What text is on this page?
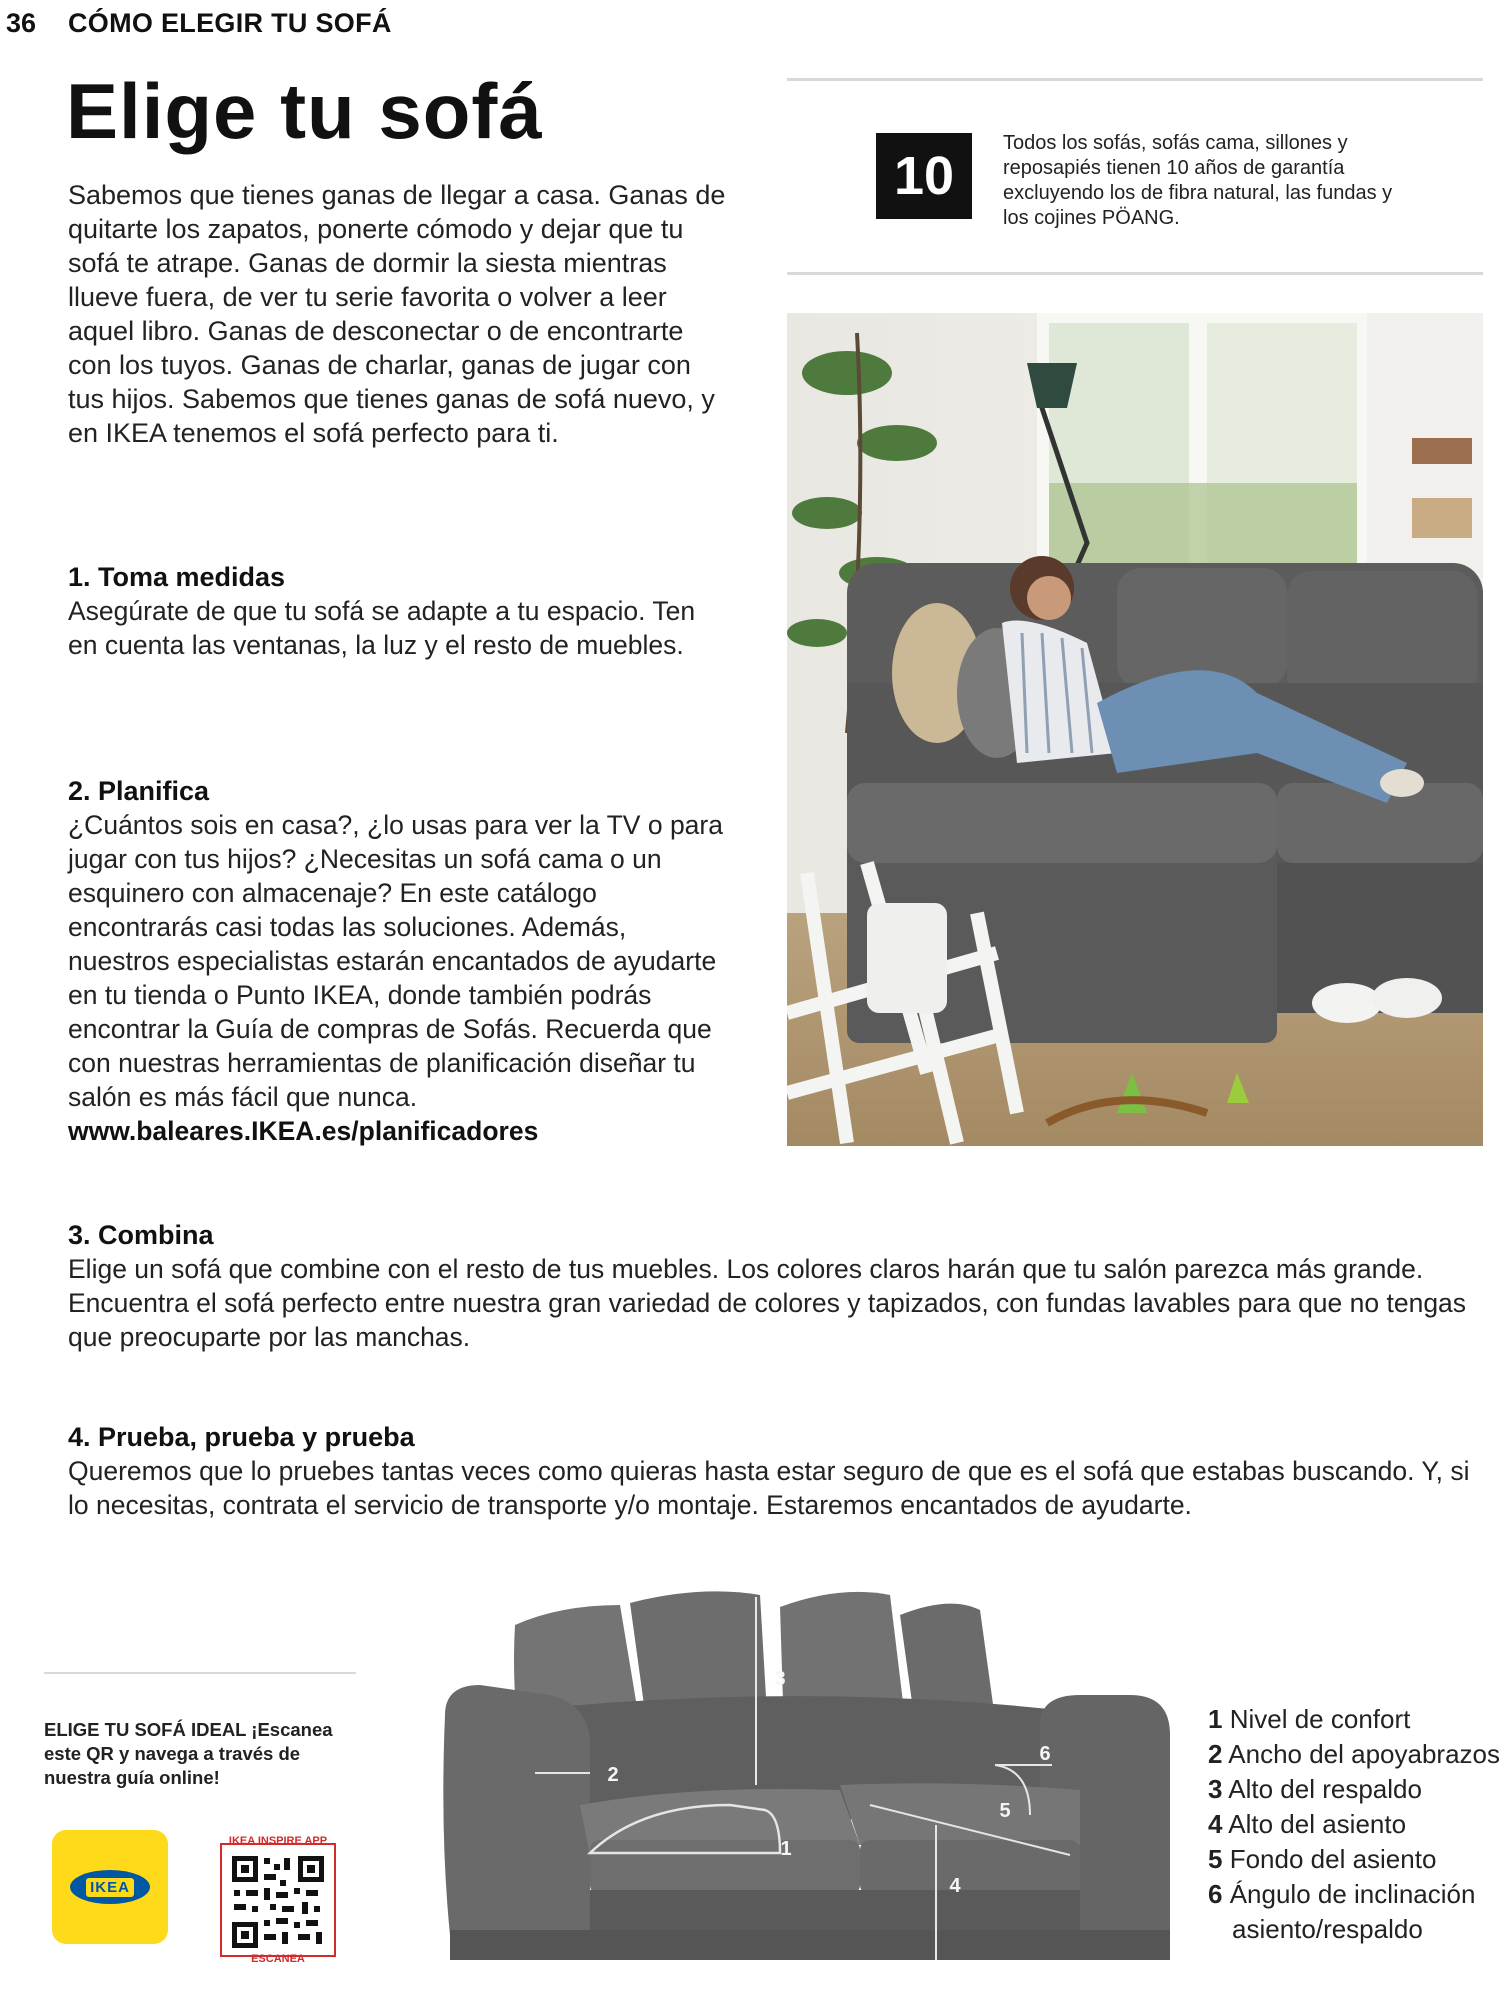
36 CÓMO ELEGIR TU SOFÁ
Elige tu sofá

Sabemos que tienes ganas de llegar a casa. Ganas de quitarte los zapatos, ponerte cómodo y dejar que tu sofá te atrape. Ganas de dormir la siesta mientras llueve fuera, de ver tu serie favorita o volver a leer aquel libro. Ganas de desconectar o de encontrarte con los tuyos. Ganas de charlar, ganas de jugar con tus hijos. Sabemos que tienes ganas de sofá nuevo, y en IKEA tenemos el sofá perfecto para ti.

10
Todos los sofás, sofás cama, sillones y reposapiés tienen 10 años de garantía excluyendo los de fibra natural, las fundas y los cojines PÖANG.
1. Toma medidas

Asegúrate de que tu sofá se adapte a tu espacio. Ten en cuenta las ventanas, la luz y el resto de muebles.

2. Planifica

¿Cuántos sois en casa?, ¿lo usas para ver la TV o para jugar con tus hijos? ¿Necesitas un sofá cama o un esquinero con almacenaje? En este catálogo encontrarás casi todas las soluciones. Además, nuestros especialistas estarán encantados de ayudarte en tu tienda o Punto IKEA, donde también podrás encontrar la Guía de compras de Sofás. Recuerda que con nuestras herramientas de planificación diseñar tu salón es más fácil que nunca.

www.baleares.IKEA.es/planificadores

3. Combina

Elige un sofá que combine con el resto de tus muebles. Los colores claros harán que tu salón parezca más grande. Encuentra el sofá perfecto entre nuestra gran variedad de colores y tapizados, con fundas lavables para que no tengas que preocuparte por las manchas.

4. Prueba, prueba y prueba

Queremos que lo pruebes tantas veces como quieras hasta estar seguro de que es el sofá que estabas buscando. Y, si lo necesitas, contrata el servicio de transporte y/o montaje. Estaremos encantados de ayudarte.

ELIGE TU SOFÁ IDEAL ¡Escanea este QR y navega a través de nuestra guía online!
IKEA
IKEA INSPIRE APP
ESCANEA
3
2
6
5
1
4
1 Nivel de confort
2 Ancho del apoyabrazos
3 Alto del respaldo
4 Alto del asiento
5 Fondo del asiento
6 Ángulo de inclinación
asiento/respaldo
